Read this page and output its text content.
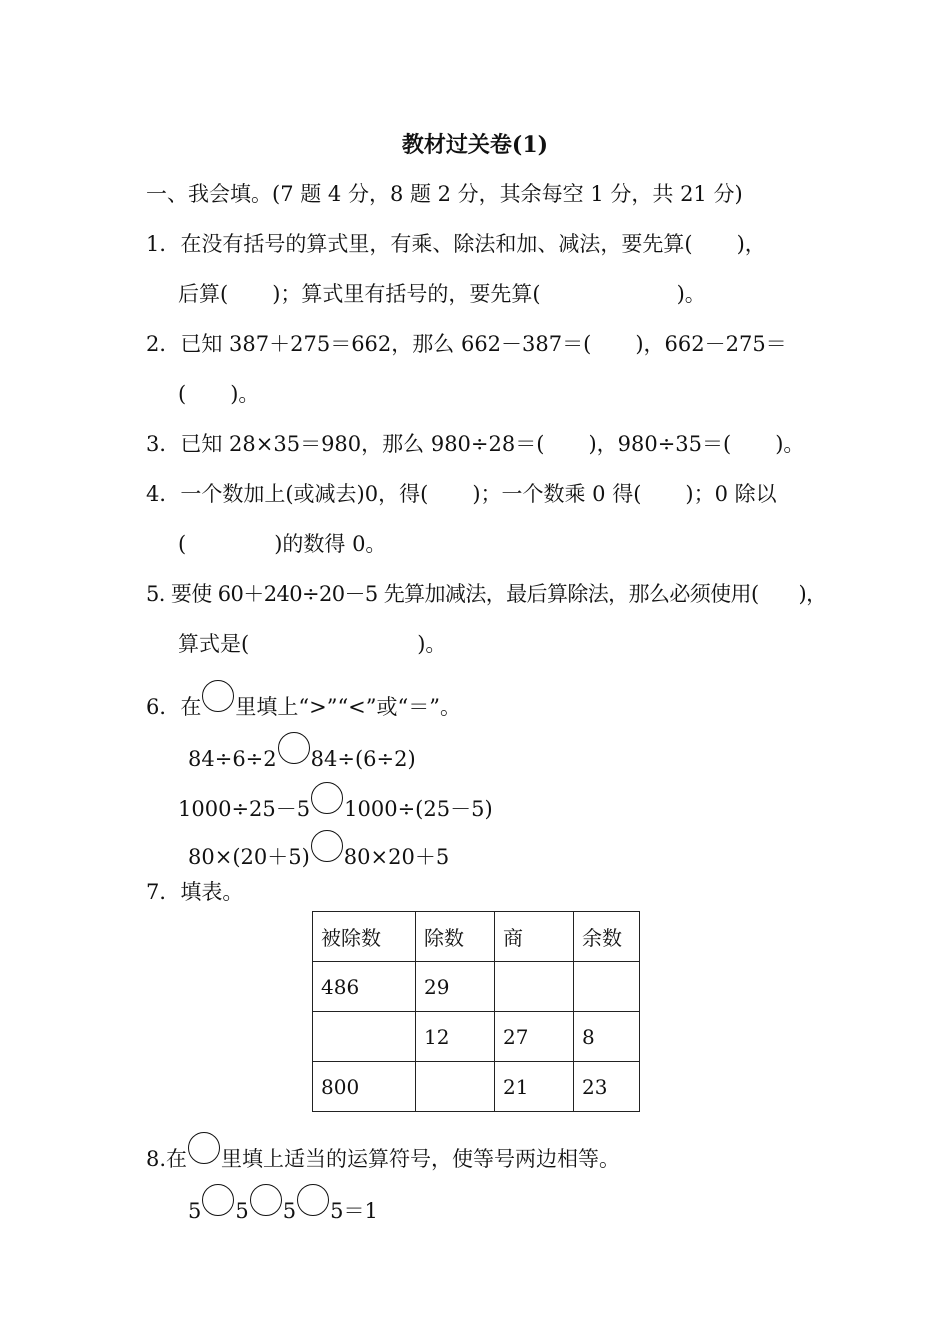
教材过关卷(1)
一、我会填。(7 题 4 分，8 题 2 分，其余每空 1 分，共 21 分)
1．在没有括号的算式里，有乘、除法和加、减法，要先算( )，
后算( )；算式里有括号的，要先算(	)。
2．已知 387＋275＝662，那么 662－387＝( )，662－275＝
( )。
3．已知 28×35＝980，那么 980÷28＝( )，980÷35＝( )。
4．一个数加上(或减去)0，得( )；一个数乘 0 得( )；0 除以
(	)的数得 0。
5. 要使 60＋240÷20－5 先算加减法，最后算除法，那么必须使用( )，
算式是(	)。
6．在 里填上“>”“<”或“＝”。
84÷6÷2 84÷(6÷2)
1000÷25－5 1000÷(25－5)
80×(20＋5) 80×20＋5
7．填表。
被除数	除数	商	余数
486	29		
	12	27	8
800		21	23
8.在 里填上适当的运算符号，使等号两边相等。
5 5 5 5＝1
